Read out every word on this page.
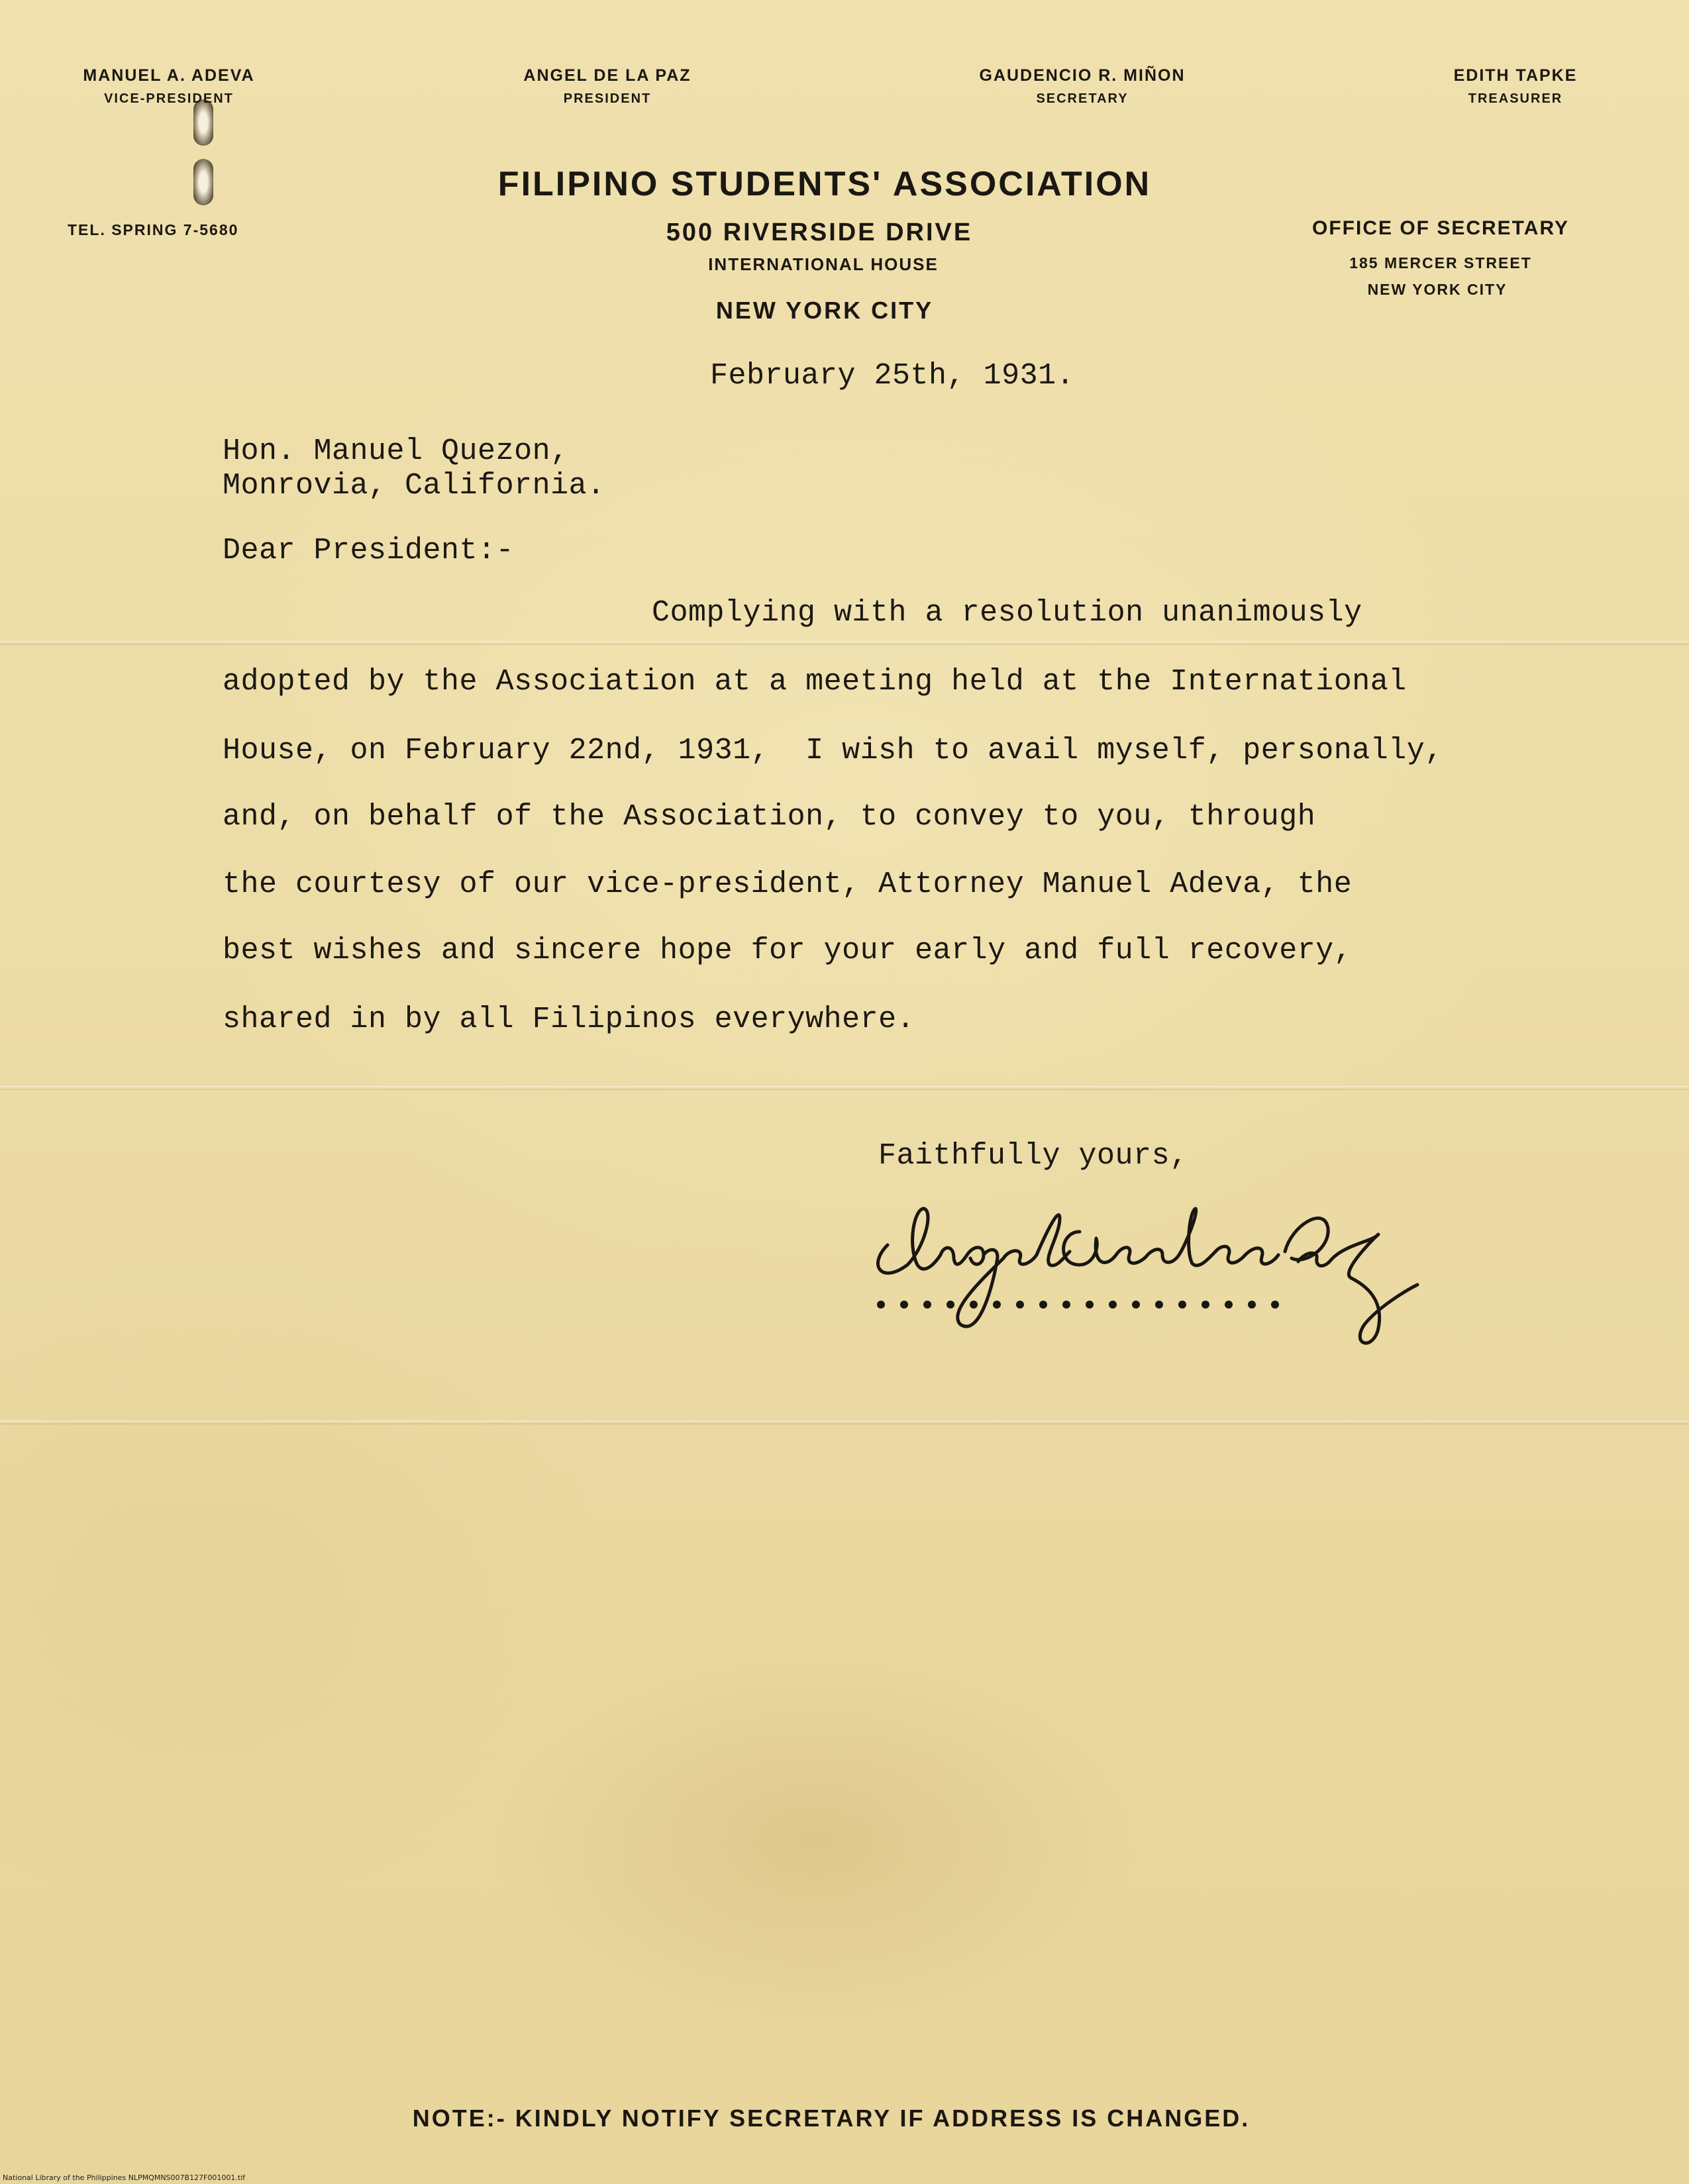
MANUEL A. ADEVA
VICE-PRESIDENT
ANGEL DE LA PAZ
PRESIDENT
GAUDENCIO R. MIÑON
SECRETARY
EDITH TAPKE
TREASURER
FILIPINO STUDENTS' ASSOCIATION
500 RIVERSIDE DRIVE
INTERNATIONAL HOUSE
NEW YORK CITY
TEL. SPRING 7-5680	OFFICE OF SECRETARY
185 MERCER STREET
NEW YORK CITY
February 25th, 1931.
Hon. Manuel Quezon,
Monrovia, California.
Dear President:-
Complying with a resolution unanimously
adopted by the Association at a meeting held at the International
House, on February 22nd, 1931,  I wish to avail myself, personally,
and, on behalf of the Association, to convey to you, through
the courtesy of our vice-president, Attorney Manuel Adeva, the
best wishes and sincere hope for your early and full recovery,
shared in by all Filipinos everywhere.
Faithfully yours,
NOTE:- KINDLY NOTIFY SECRETARY IF ADDRESS IS CHANGED.
National Library of the Philippines NLPMQMNS007B127F001001.tif
